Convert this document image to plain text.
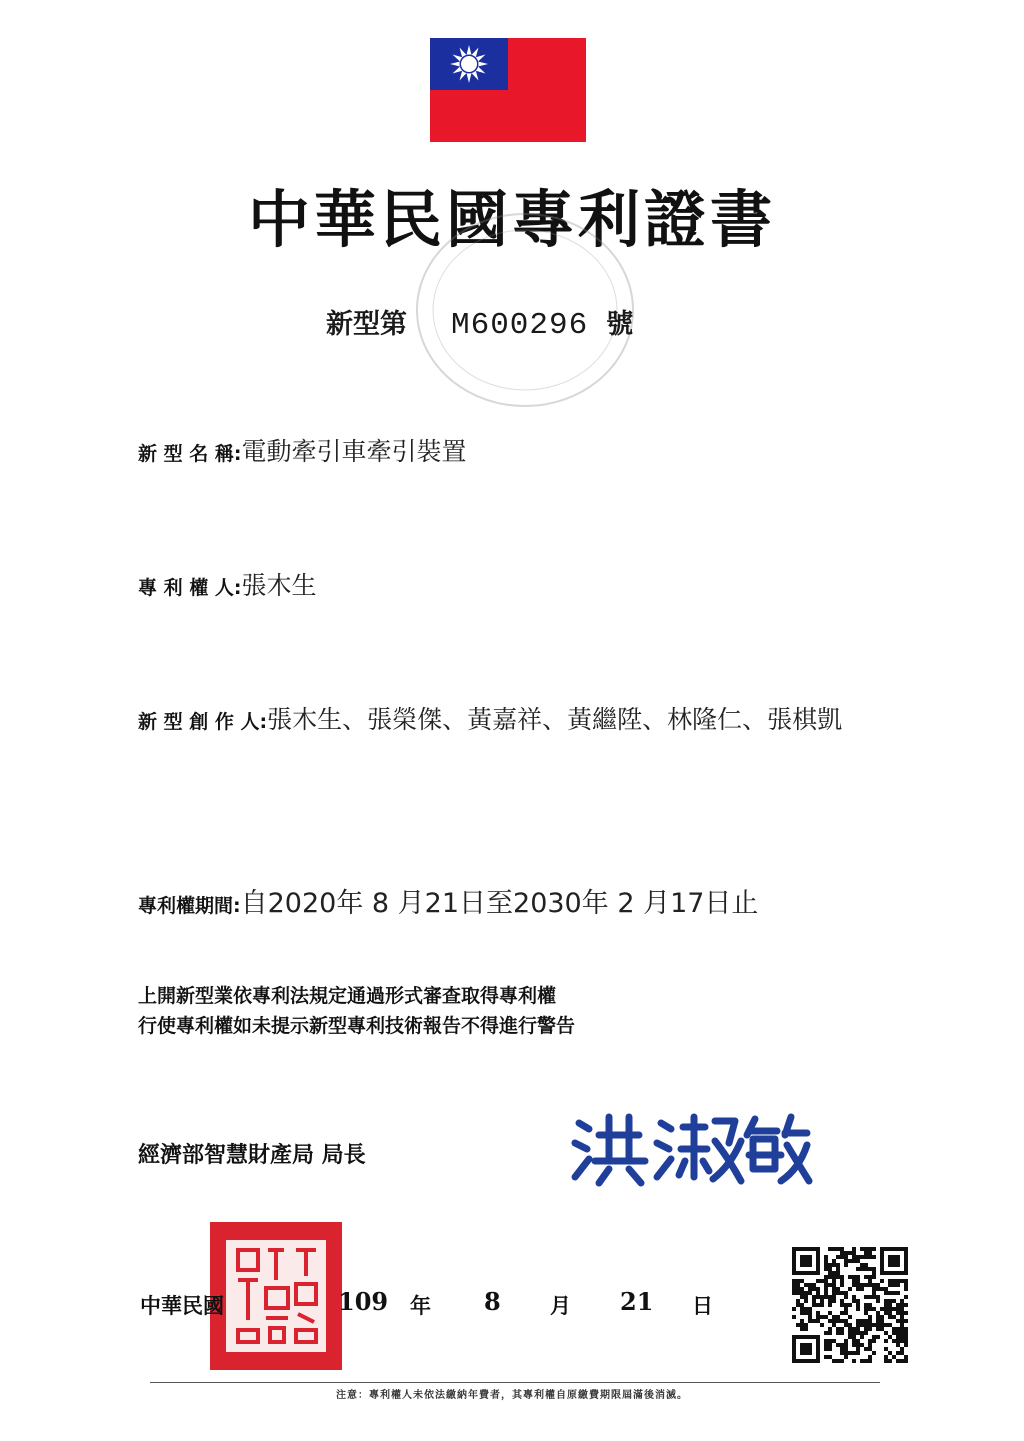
中華民國專利證書
新型第 M600296 號
新 型 名 稱:電動牽引車牽引裝置
專 利 權 人:張木生
新 型 創 作 人:張木生、張榮傑、黃嘉祥、黃繼陞、林隆仁、張棋凱
專利權期間:自2020年 8 月21日至2030年 2 月17日止
上開新型業依專利法規定通過形式審查取得專利權
行使專利權如未提示新型專利技術報告不得進行警告
經濟部智慧財產局 局長
中華民國	109 年 8 月 21 日
注意：專利權人未依法繳納年費者，其專利權自原繳費期限屆滿後消滅。
